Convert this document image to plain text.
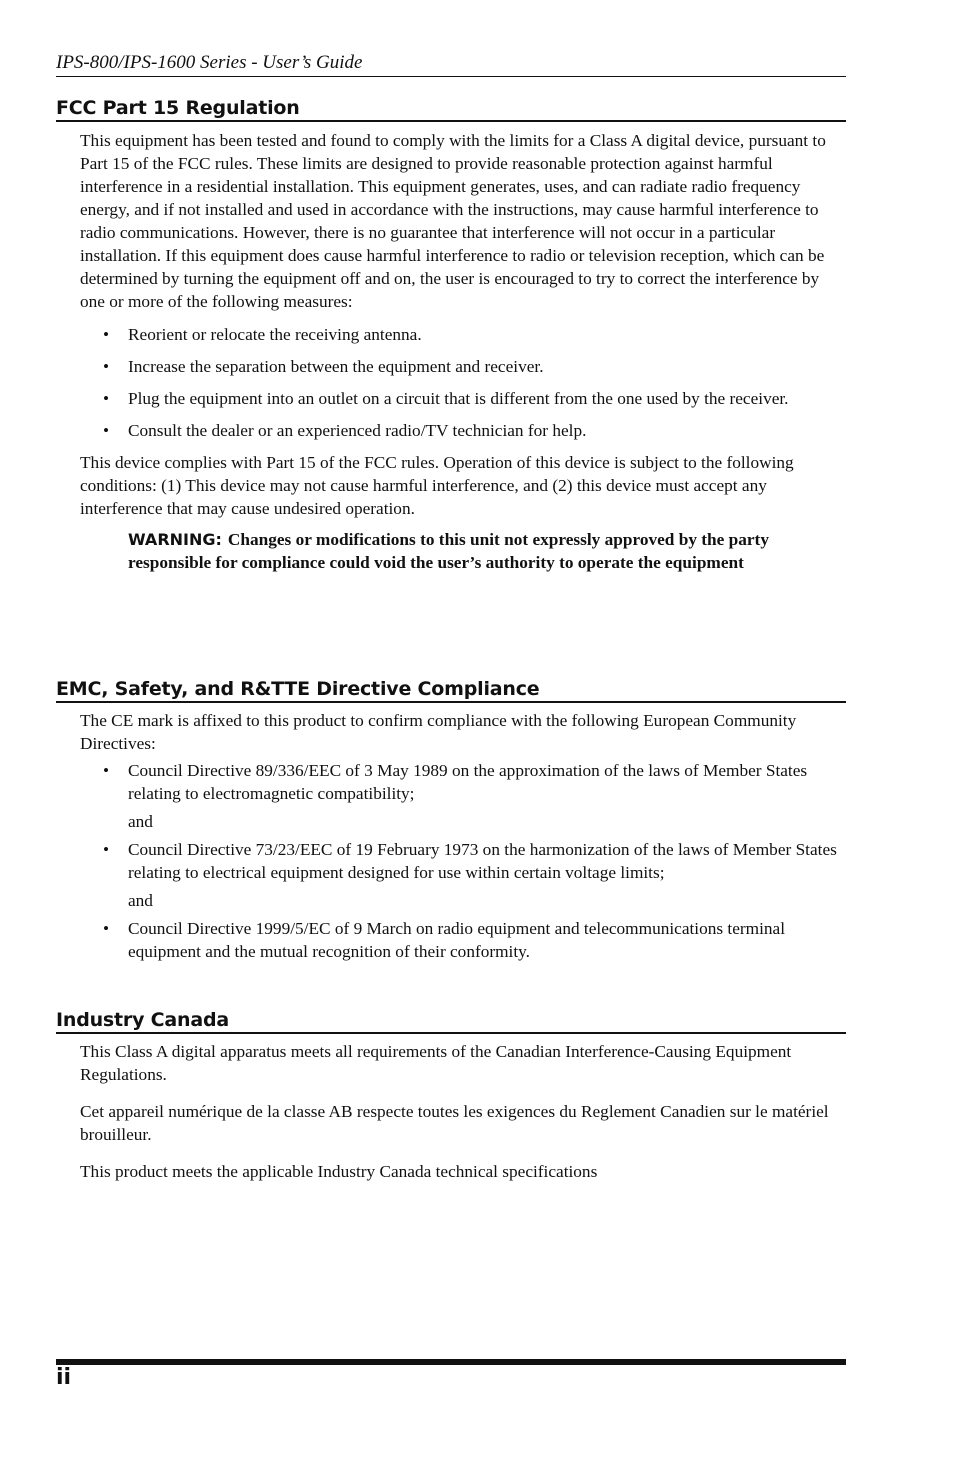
IPS-800/IPS-1600 Series - User’s Guide
FCC Part 15 Regulation

This equipment has been tested and found to comply with the limits for a Class A digital device, pursuant to Part 15 of the FCC rules. These limits are designed to provide reasonable protection against harmful interference in a residential installation. This equipment generates, uses, and can radiate radio frequency energy, and if not installed and used in accordance with the instructions, may cause harmful interference to radio communications. However, there is no guarantee that interference will not occur in a particular installation. If this equipment does cause harmful interference to radio or television reception, which can be determined by turning the equipment off and on, the user is encouraged to try to correct the interference by one or more of the following measures:

• Reorient or relocate the receiving antenna.
• Increase the separation between the equipment and receiver.
• Plug the equipment into an outlet on a circuit that is different from the one used by the receiver.
• Consult the dealer or an experienced radio/TV technician for help.

This device complies with Part 15 of the FCC rules. Operation of this device is subject to the following conditions: (1) This device may not cause harmful interference, and (2) this device must accept any interference that may cause undesired operation.

WARNING: Changes or modifications to this unit not expressly approved by the party responsible for compliance could void the user’s authority to operate the equipment
EMC, Safety, and R&TTE Directive Compliance

The CE mark is affixed to this product to confirm compliance with the following European Community Directives:

• Council Directive 89/336/EEC of 3 May 1989 on the approximation of the laws of Member States relating to electromagnetic compatibility;
and
• Council Directive 73/23/EEC of 19 February 1973 on the harmonization of the laws of Member States relating to electrical equipment designed for use within certain voltage limits;
and
• Council Directive 1999/5/EC of 9 March on radio equipment and telecommunications terminal equipment and the mutual recognition of their conformity.
Industry Canada

This Class A digital apparatus meets all requirements of the Canadian Interference-Causing Equipment Regulations.

Cet appareil numérique de la classe AB respecte toutes les exigences du Reglement Canadien sur le matériel brouilleur.

This product meets the applicable Industry Canada technical specifications

ii
